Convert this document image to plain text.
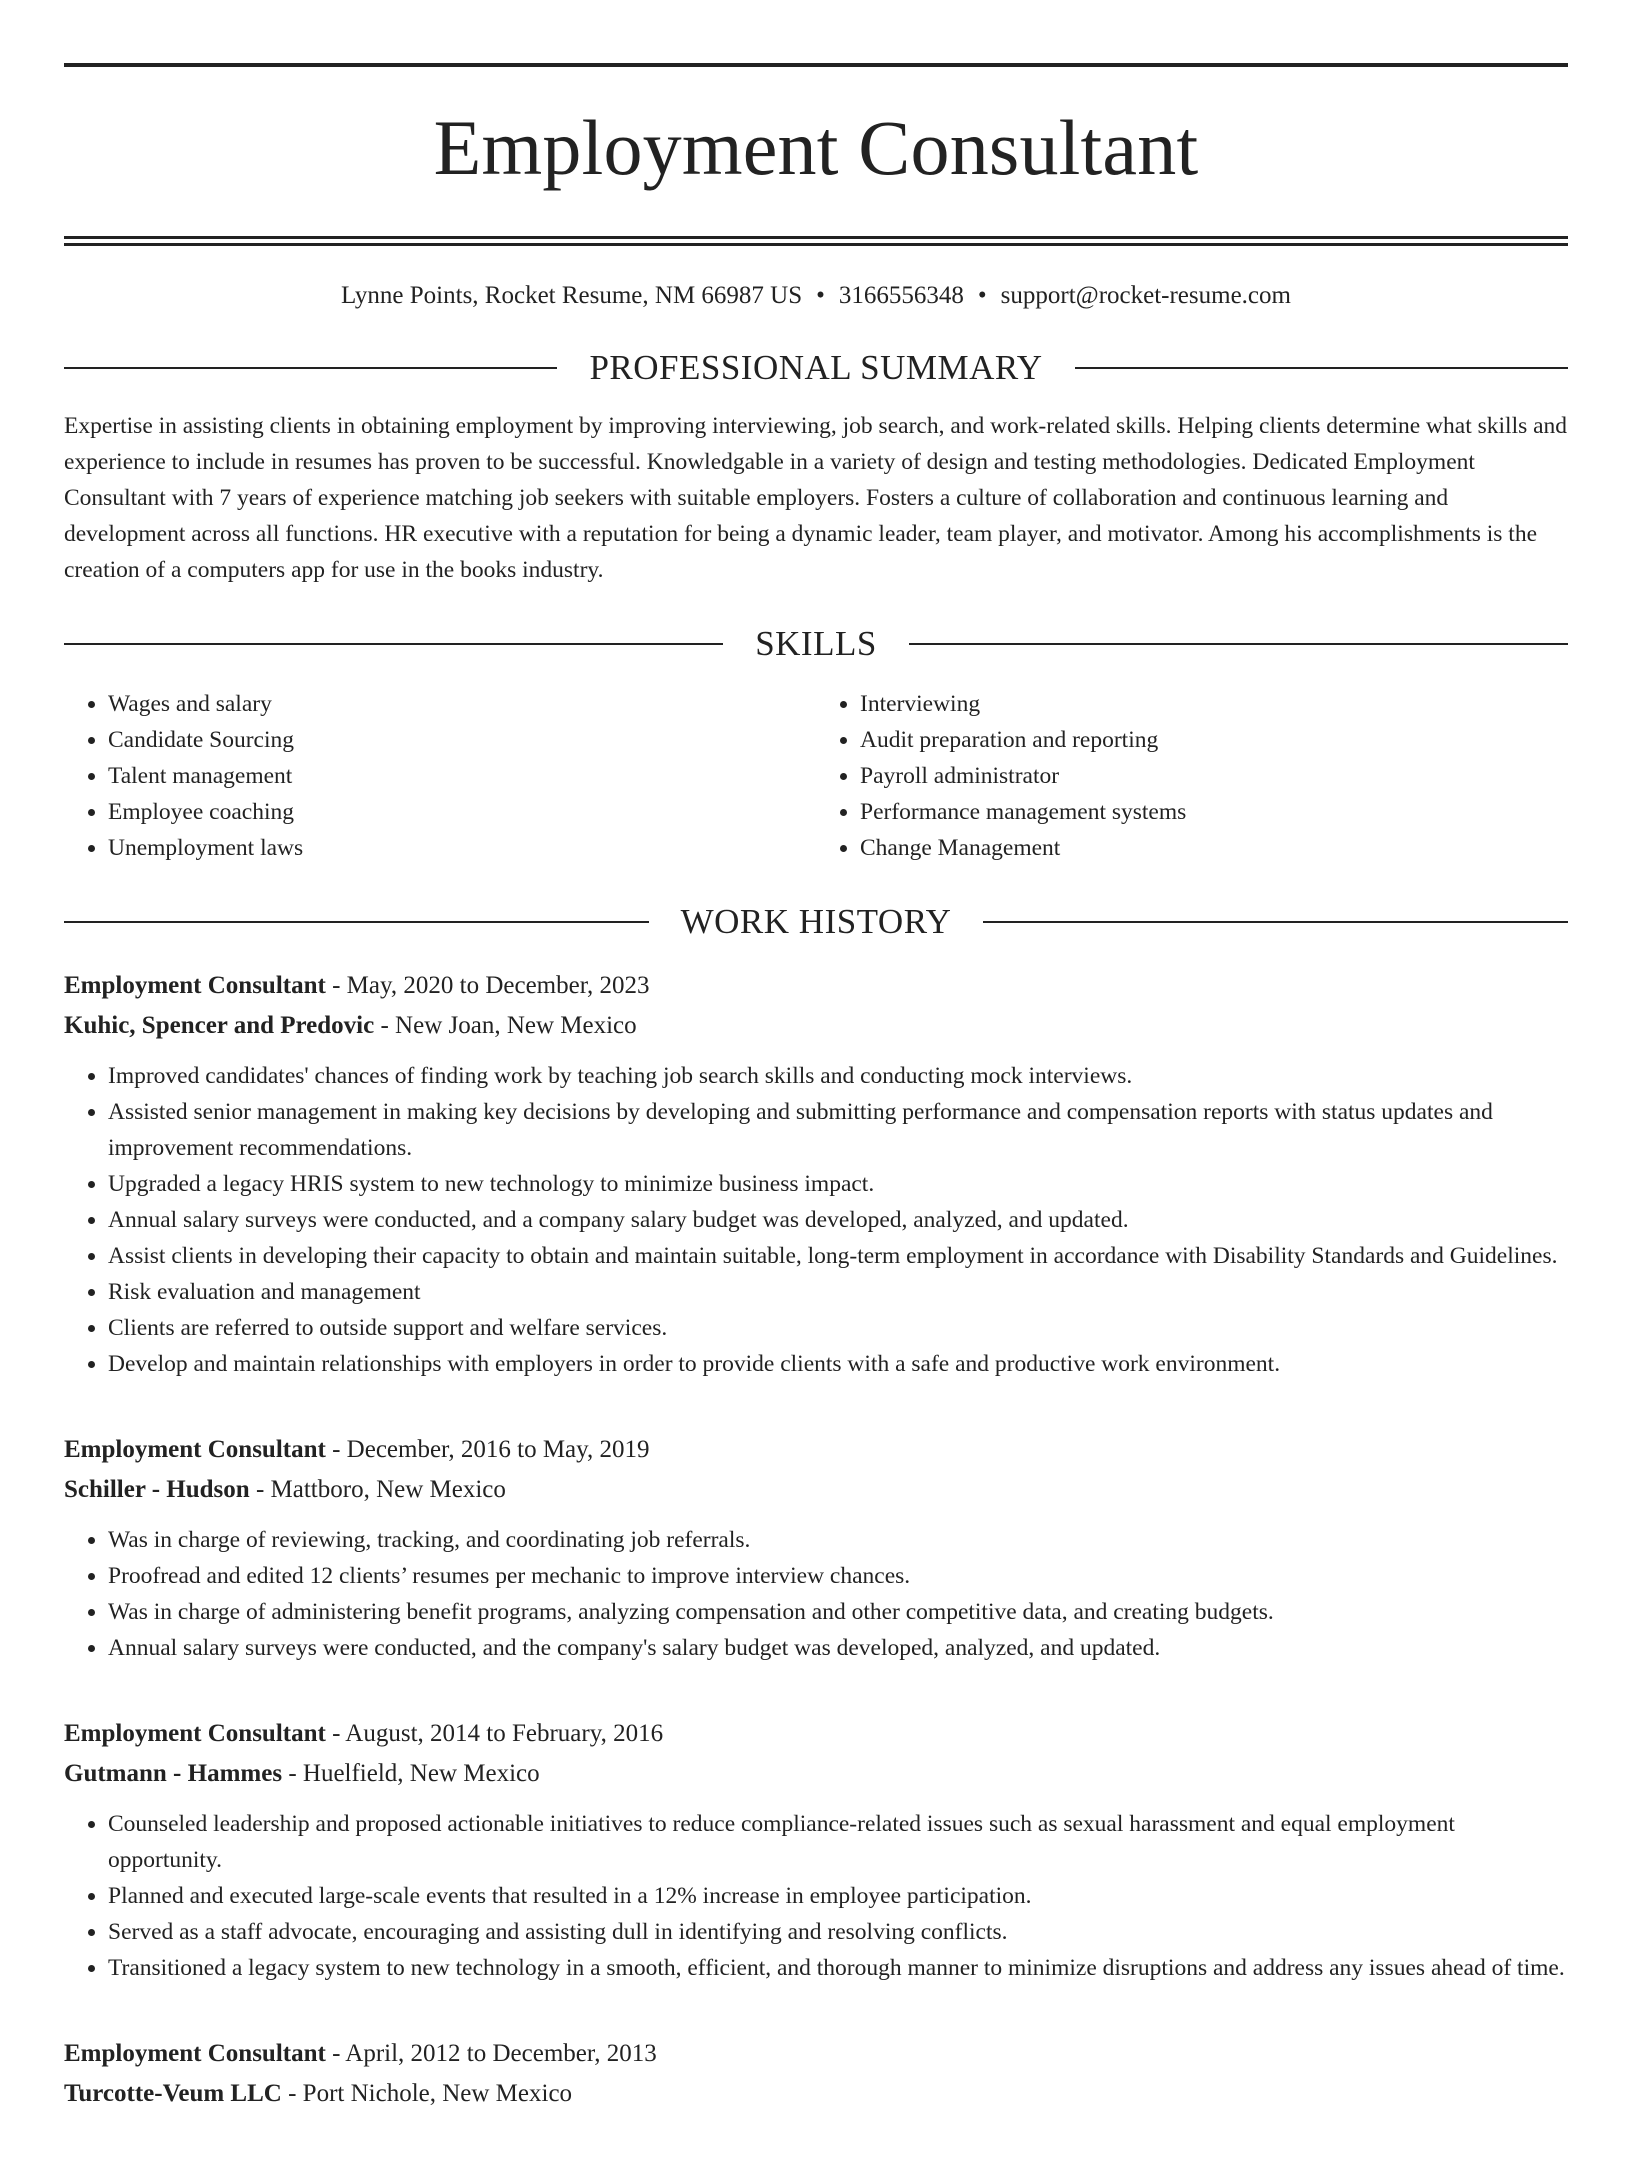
Employment Consultant
Lynne Points, Rocket Resume, NM 66987 US • 3166556348 • support@rocket-resume.com
PROFESSIONAL SUMMARY
Expertise in assisting clients in obtaining employment by improving interviewing, job search, and work-related skills. Helping clients determine what skills and experience to include in resumes has proven to be successful. Knowledgable in a variety of design and testing methodologies. Dedicated Employment Consultant with 7 years of experience matching job seekers with suitable employers. Fosters a culture of collaboration and continuous learning and development across all functions. HR executive with a reputation for being a dynamic leader, team player, and motivator. Among his accomplishments is the creation of a computers app for use in the books industry.
SKILLS
• Wages and salary
• Candidate Sourcing
• Talent management
• Employee coaching
• Unemployment laws
• Interviewing
• Audit preparation and reporting
• Payroll administrator
• Performance management systems
• Change Management
WORK HISTORY
Employment Consultant - May, 2020 to December, 2023
Kuhic, Spencer and Predovic - New Joan, New Mexico
• Improved candidates' chances of finding work by teaching job search skills and conducting mock interviews.
• Assisted senior management in making key decisions by developing and submitting performance and compensation reports with status updates and improvement recommendations.
• Upgraded a legacy HRIS system to new technology to minimize business impact.
• Annual salary surveys were conducted, and a company salary budget was developed, analyzed, and updated.
• Assist clients in developing their capacity to obtain and maintain suitable, long-term employment in accordance with Disability Standards and Guidelines.
• Risk evaluation and management
• Clients are referred to outside support and welfare services.
• Develop and maintain relationships with employers in order to provide clients with a safe and productive work environment.
Employment Consultant - December, 2016 to May, 2019
Schiller - Hudson - Mattboro, New Mexico
• Was in charge of reviewing, tracking, and coordinating job referrals.
• Proofread and edited 12 clients’ resumes per mechanic to improve interview chances.
• Was in charge of administering benefit programs, analyzing compensation and other competitive data, and creating budgets.
• Annual salary surveys were conducted, and the company's salary budget was developed, analyzed, and updated.
Employment Consultant - August, 2014 to February, 2016
Gutmann - Hammes - Huelfield, New Mexico
• Counseled leadership and proposed actionable initiatives to reduce compliance-related issues such as sexual harassment and equal employment opportunity.
• Planned and executed large-scale events that resulted in a 12% increase in employee participation.
• Served as a staff advocate, encouraging and assisting dull in identifying and resolving conflicts.
• Transitioned a legacy system to new technology in a smooth, efficient, and thorough manner to minimize disruptions and address any issues ahead of time.
Employment Consultant - April, 2012 to December, 2013
Turcotte-Veum LLC - Port Nichole, New Mexico
